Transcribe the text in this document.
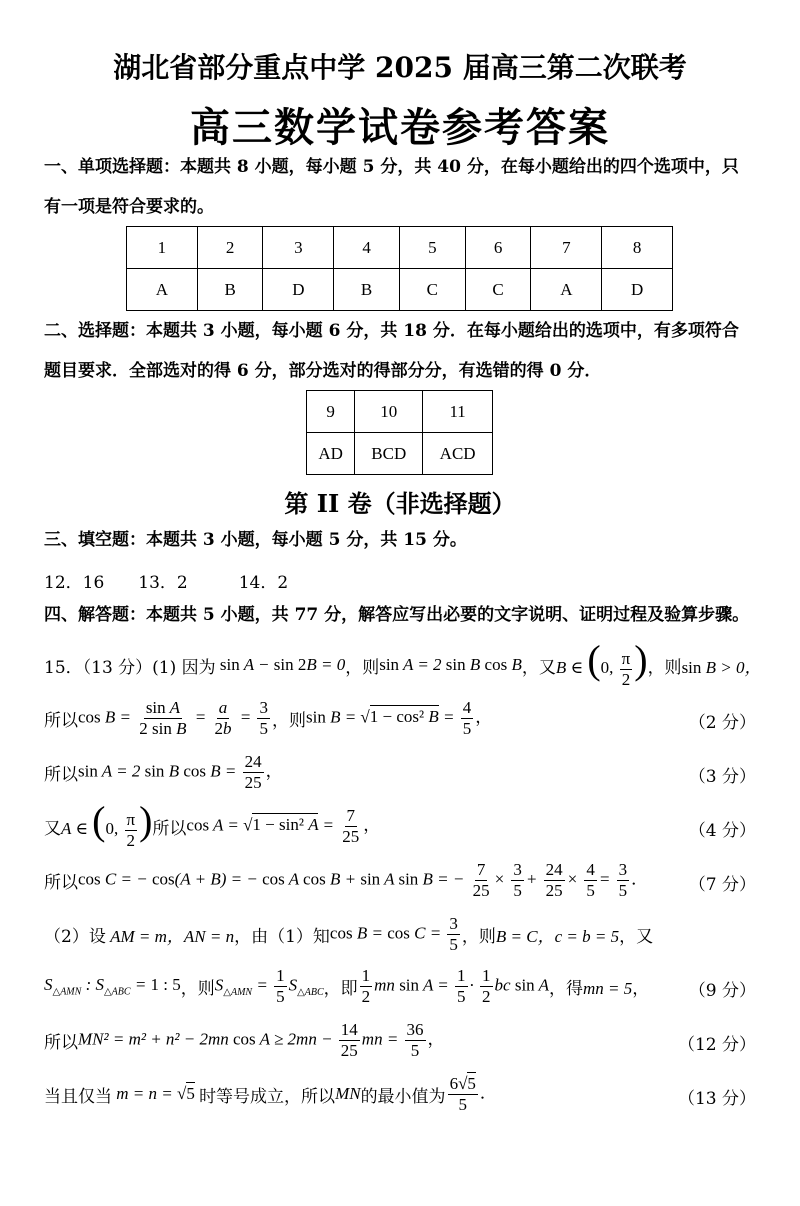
湖北省部分重点中学 2025 届高三第二次联考
高三数学试卷参考答案
一、单项选择题：本题共 8 小题，每小题 5 分，共 40 分，在每小题给出的四个选项中，只
有一项是符合要求的。
1	2	3	4	5	6	7	8
A	B	D	B	C	C	A	D
二、选择题：本题共 3 小题，每小题 6 分，共 18 分．在每小题给出的选项中，有多项符合
题目要求．全部选对的得 6 分，部分选对的得部分分，有选错的得 0 分．
9	10	11
AD	BCD	ACD
第 II 卷（非选择题）
三、填空题：本题共 3 小题，每小题 5 分，共 15 分。
12．16　　13．2　　　14．2
四、解答题：本题共 5 小题，共 77 分，解答应写出必要的文字说明、证明过程及验算步骤。
15．（13 分）(1) 因为 sin A − sin 2B = 0 ，则 sin A = 2 sin B cos B ，又 B ∈ (0, $\frac{\pi}{2}$ ) ，则 sin B > 0，
所以 $\cos B = \frac{\text{sin A}}{\text{2 sin B}} = \frac{a}{2b} = \frac{3}{5}$ ，则 sin B = √1 − cos² $B = \frac{4}{5}$ ，	（2 分）
所以 sin A = 2 sin B $\cos B = \frac{24}{25}$ ，	（3 分）
又 A ∈ (0, $\frac{\pi}{2}$ ) 所以 cos A = √1 − sin² $A = \frac{7}{25}$ ，	（4 分）
所以 cos C = − cos(A + B) = − cos A cos B + sin A sin B = − $\frac{7}{25} \times \frac{3}{5} + \frac{24}{25} \times \frac{4}{5} = \frac{3}{5}$ ． （7 分）
（2）设 AM = m，AN = n ，由（1）知 $\cos B = \cos C = \frac{3}{5}$ ，则 B = C，c = b = 5 ，又
$S_{\triangle AMN}$ : $S_{\triangle ABC} = 1$ : 5 ，则 $S_{\triangle AMN} = \frac{1}{5} S_{\triangle ABC}$ ，即 $\frac{1}{2}$ mn $\sin A = \frac{1}{5} \cdot \frac{1}{2}$ bc sin A ，得 mn = 5， （9 分）
所以 MN² = m² + n² − 2mn $\cos A \ge 2mn - \frac{14}{25}$ mn = $\frac{36}{5}$ ，	（12 分）
当且仅当 m = n = √5 时等号成立，所以 MN 的最小值为 $\frac{6√5}{5}$ ．	（13 分）
